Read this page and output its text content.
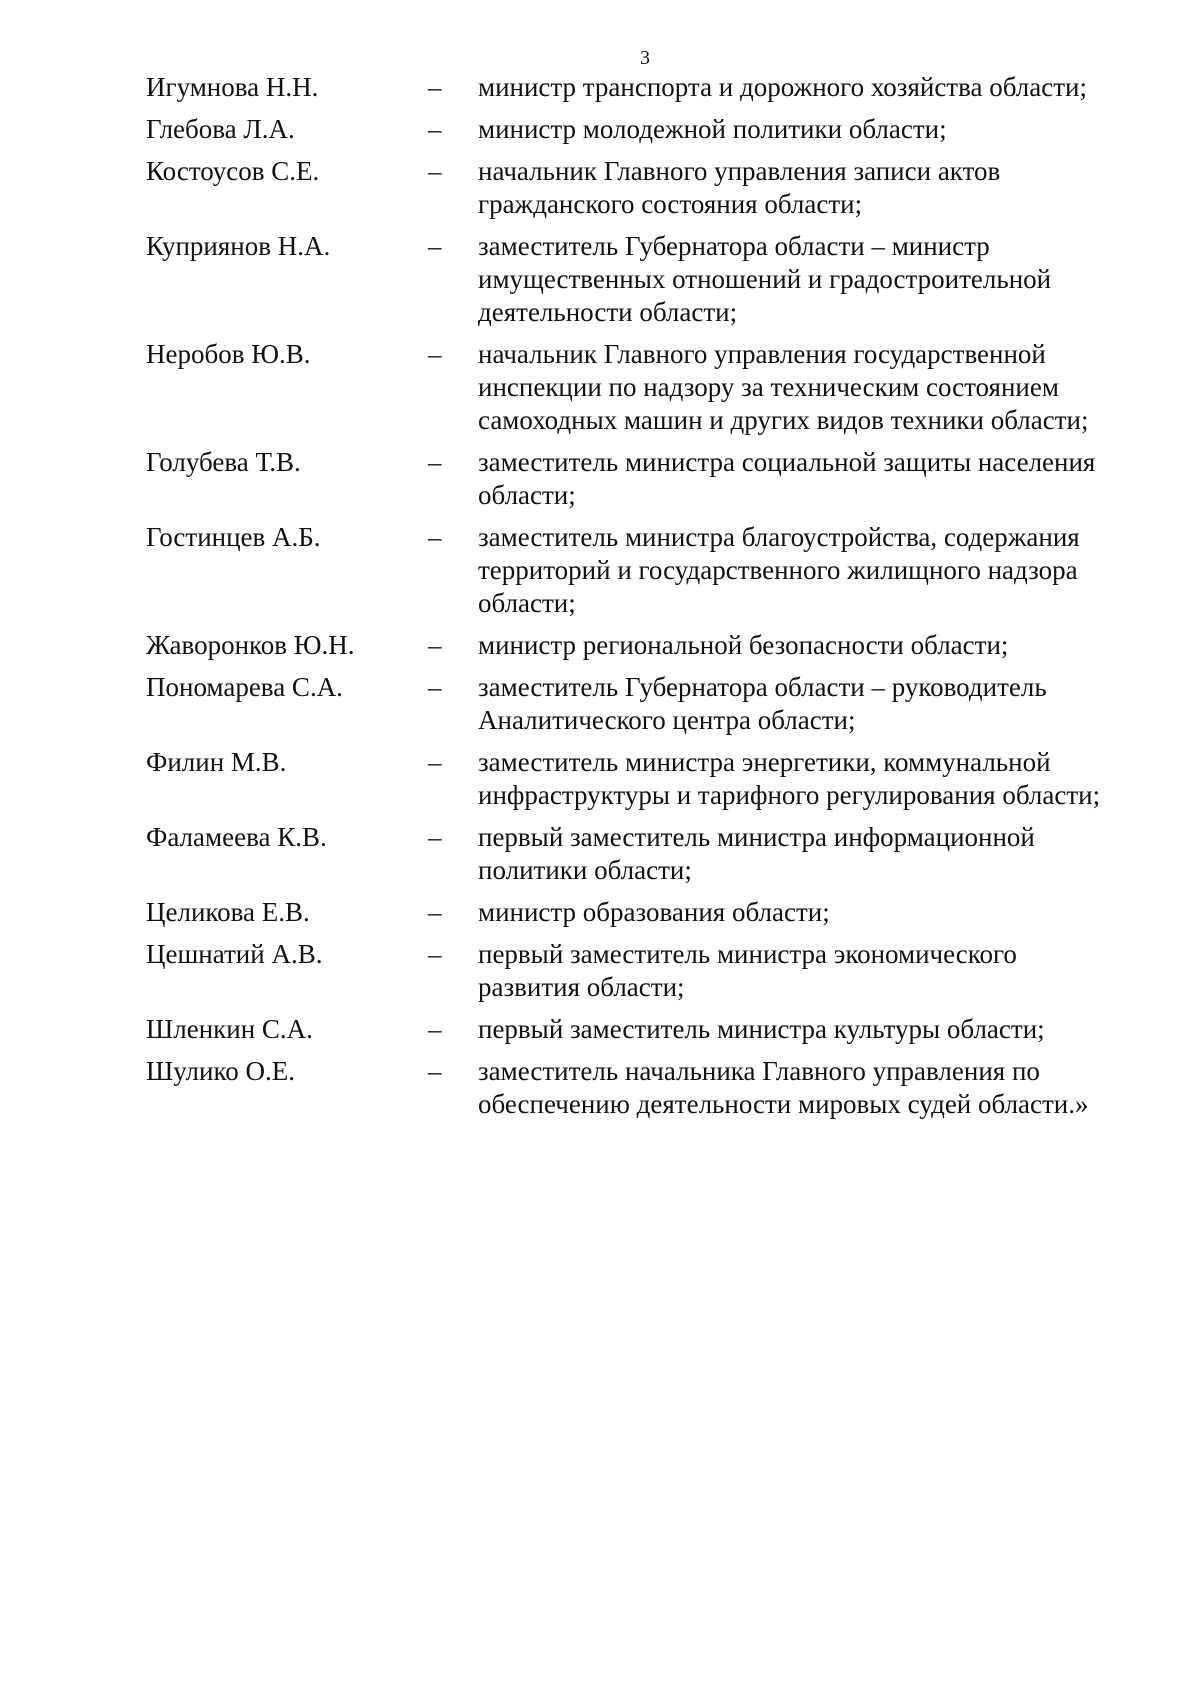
3
Игумнова Н.Н.	–	министр транспорта и дорожного хозяйства области;
Глебова Л.А.	–	министр молодежной политики области;
Костоусов С.Е.	–	начальник Главного управления записи актов
гражданского состояния области;
Куприянов Н.А.	–	заместитель Губернатора области – министр
имущественных отношений и градостроительной
деятельности области;
Неробов Ю.В.	–	начальник Главного управления государственной
инспекции по надзору за техническим состоянием
самоходных машин и других видов техники области;
Голубева Т.В.	–	заместитель министра социальной защиты населения
области;
Гостинцев А.Б.	–	заместитель министра благоустройства, содержания
территорий и государственного жилищного надзора
области;
Жаворонков Ю.Н.	–	министр региональной безопасности области;
Пономарева С.А.	–	заместитель Губернатора области – руководитель
Аналитического центра области;
Филин М.В.	–	заместитель министра энергетики, коммунальной
инфраструктуры и тарифного регулирования области;
Фаламеева К.В.	–	первый заместитель министра информационной
политики области;
Целикова Е.В.	–	министр образования области;
Цешнатий А.В.	–	первый заместитель министра экономического
развития области;
Шленкин С.А.	–	первый заместитель министра культуры области;
Шулико О.Е.	–	заместитель начальника Главного управления по
обеспечению деятельности мировых судей области.»
